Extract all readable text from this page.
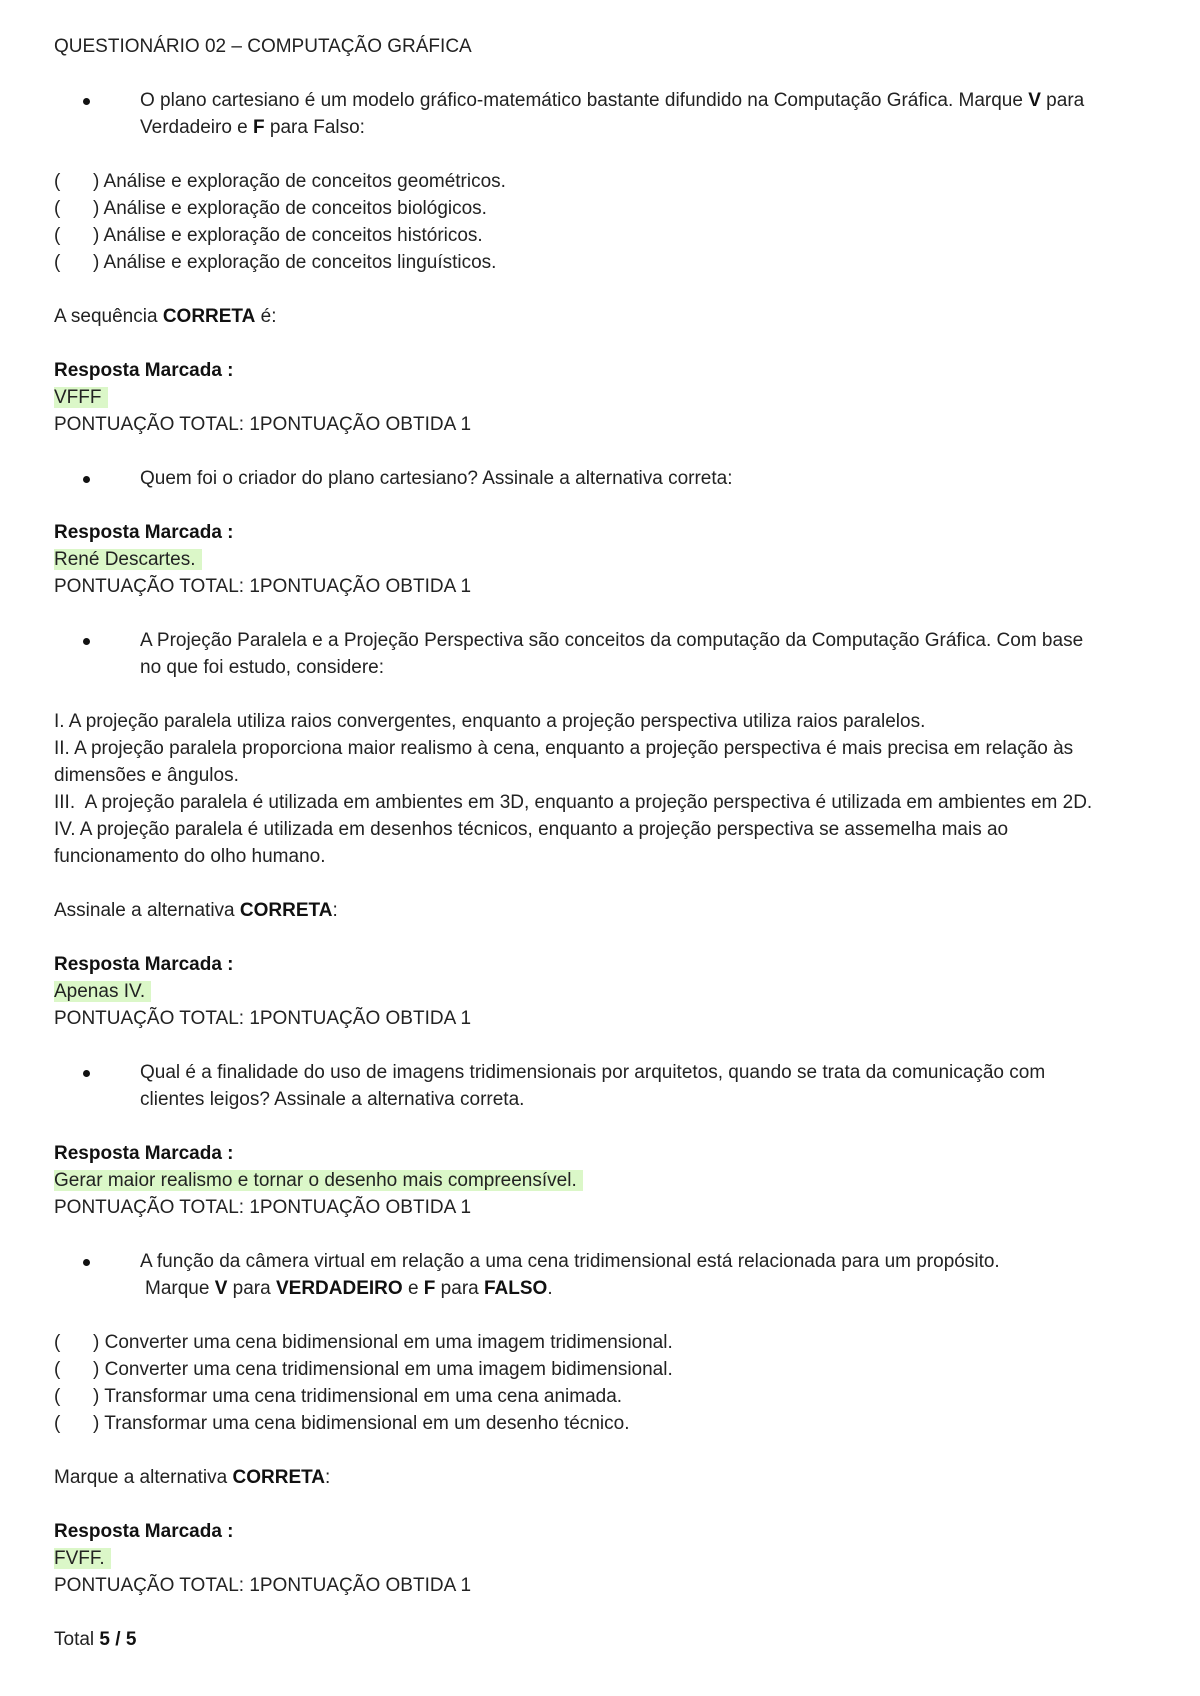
QUESTIONÁRIO 02 – COMPUTAÇÃO GRÁFICA
O plano cartesiano é um modelo gráfico-matemático bastante difundido na Computação Gráfica. Marque V para
Verdadeiro e F para Falso:

( ) Análise e exploração de conceitos geométricos.

( ) Análise e exploração de conceitos biológicos.

( ) Análise e exploração de conceitos históricos.

( ) Análise e exploração de conceitos linguísticos.

A sequência CORRETA é:

Resposta Marcada :

VFFF

PONTUAÇÃO TOTAL: 1PONTUAÇÃO OBTIDA 1

Quem foi o criador do plano cartesiano? Assinale a alternativa correta:

Resposta Marcada :

René Descartes.

PONTUAÇÃO TOTAL: 1PONTUAÇÃO OBTIDA 1

A Projeção Paralela e a Projeção Perspectiva são conceitos da computação da Computação Gráfica. Com base
no que foi estudo, considere:

I. A projeção paralela utiliza raios convergentes, enquanto a projeção perspectiva utiliza raios paralelos.

II. A projeção paralela proporciona maior realismo à cena, enquanto a projeção perspectiva é mais precisa em relação às

dimensões e ângulos.

III.  A projeção paralela é utilizada em ambientes em 3D, enquanto a projeção perspectiva é utilizada em ambientes em 2D.

IV. A projeção paralela é utilizada em desenhos técnicos, enquanto a projeção perspectiva se assemelha mais ao

funcionamento do olho humano.

Assinale a alternativa CORRETA:

Resposta Marcada :

Apenas IV.

PONTUAÇÃO TOTAL: 1PONTUAÇÃO OBTIDA 1

Qual é a finalidade do uso de imagens tridimensionais por arquitetos, quando se trata da comunicação com
clientes leigos? Assinale a alternativa correta.

Resposta Marcada :

Gerar maior realismo e tornar o desenho mais compreensível.

PONTUAÇÃO TOTAL: 1PONTUAÇÃO OBTIDA 1

A função da câmera virtual em relação a uma cena tridimensional está relacionada para um propósito.
Marque V para VERDADEIRO e F para FALSO.

( ) Converter uma cena bidimensional em uma imagem tridimensional.

( ) Converter uma cena tridimensional em uma imagem bidimensional.

( ) Transformar uma cena tridimensional em uma cena animada.

( ) Transformar uma cena bidimensional em um desenho técnico.

Marque a alternativa CORRETA:

Resposta Marcada :

FVFF.

PONTUAÇÃO TOTAL: 1PONTUAÇÃO OBTIDA 1

Total 5 / 5
